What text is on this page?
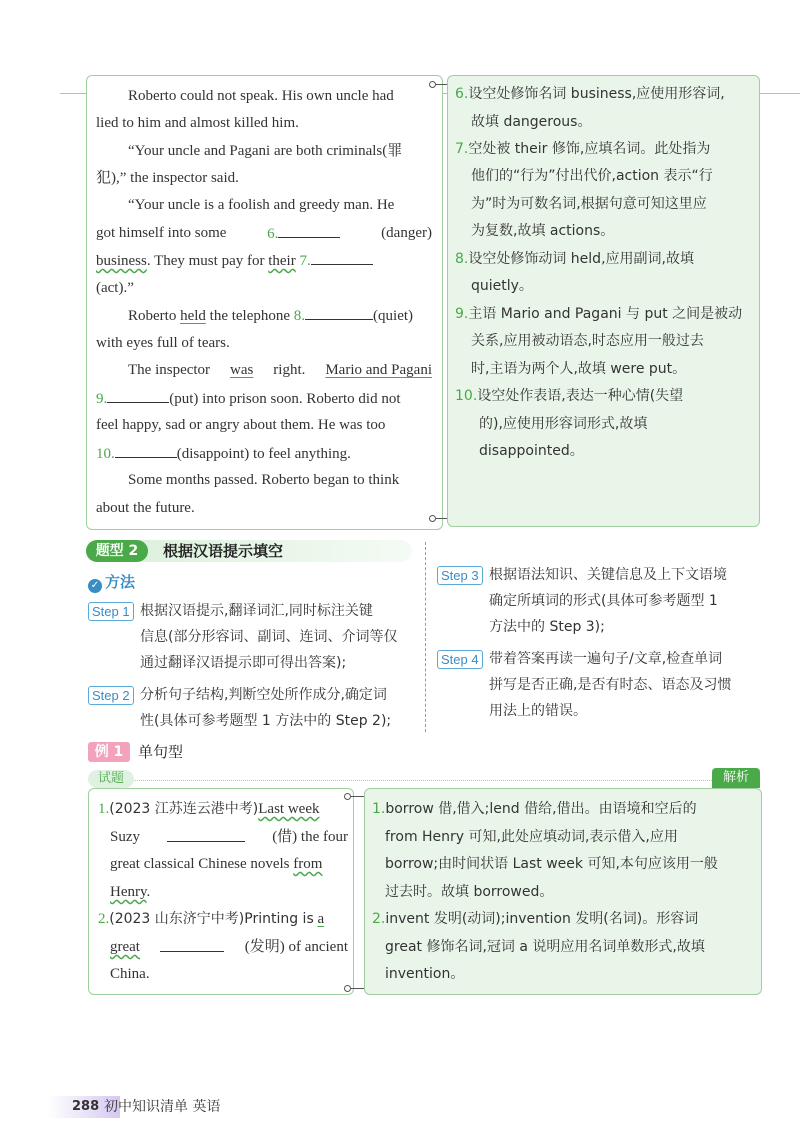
Roberto could not speak. His own uncle had
lied to him and almost killed him.
“Your uncle and Pagani are both criminals(罪
犯),” the inspector said.
“Your uncle is a foolish and greedy man. He
got himself into some	6.	(danger)
business. They must pay for their 7.
(act).”
Roberto held the telephone 8.	(quiet)
with eyes full of tears.
The inspector was right. Mario and Pagani
9.	(put) into prison soon. Roberto did not
feel happy, sad or angry about them. He was too
10.	(disappoint) to feel anything.
Some months passed. Roberto began to think
about the future.
6.设空处修饰名词 business,应使用形容词,
故填 dangerous。
7.空处被 their 修饰,应填名词。此处指为
他们的“行为”付出代价,action 表示“行
为”时为可数名词,根据句意可知这里应
为复数,故填 actions。
8.设空处修饰动词 held,应用副词,故填
quietly。
9.主语 Mario and Pagani 与 put 之间是被动
关系,应用被动语态,时态应用一般过去
时,主语为两个人,故填 were put。
10.设空处作表语,表达一种心情(失望
的),应使用形容词形式,故填
disappointed。
题型 2	根据汉语提示填空
✓ 方法
Step 1 根据汉语提示,翻译词汇,同时标注关键
信息(部分形容词、副词、连词、介词等仅
通过翻译汉语提示即可得出答案);
Step 2 分析句子结构,判断空处所作成分,确定词
性(具体可参考题型 1 方法中的 Step 2);
Step 3 根据语法知识、关键信息及上下文语境
确定所填词的形式(具体可参考题型 1
方法中的 Step 3);
Step 4 带着答案再读一遍句子/文章,检查单词
拼写是否正确,是否有时态、语态及习惯
用法上的错误。
例 1 单句型
试题	解析
1.(2023 江苏连云港中考)Last week
Suzy	(借) the four
great classical Chinese novels from
Henry.
2.(2023 山东济宁中考)Printing is a
great	(发明) of ancient
China.
1.borrow 借,借入;lend 借给,借出。由语境和空后的
from Henry 可知,此处应填动词,表示借入,应用
borrow;由时间状语 Last week 可知,本句应该用一般
过去时。故填 borrowed。
2.invent 发明(动词);invention 发明(名词)。形容词
great 修饰名词,冠词 a 说明应用名词单数形式,故填
invention。
288 初中知识清单 英语
